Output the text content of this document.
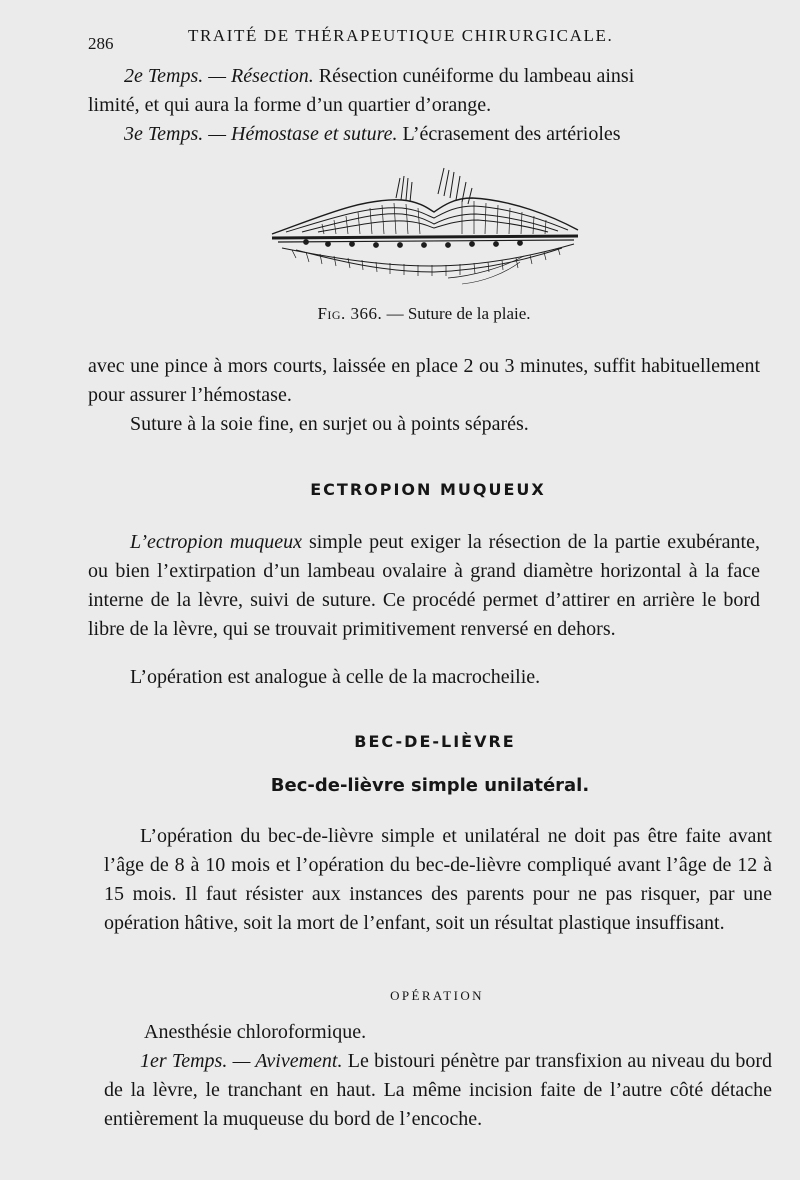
286	TRAITÉ DE THÉRAPEUTIQUE CHIRURGICALE.

2e Temps. — Résection. Résection cunéiforme du lambeau ainsi

limité, et qui aura la forme d’un quartier d’orange.

3e Temps. — Hémostase et suture. L’écrasement des artérioles

Fig. 366. — Suture de la plaie.

avec une pince à mors courts, laissée en place 2 ou 3 minutes, suffit habituellement pour assurer l’hémostase.

Suture à la soie fine, en surjet ou à points séparés.

ECTROPION MUQUEUX

L’ectropion muqueux simple peut exiger la résection de la partie exubérante, ou bien l’extirpation d’un lambeau ovalaire à grand diamètre horizontal à la face interne de la lèvre, suivi de suture. Ce procédé permet d’attirer en arrière le bord libre de la lèvre, qui se trouvait primitivement renversé en dehors.

L’opération est analogue à celle de la macrocheilie.

BEC-DE-LIÈVRE
Bec-de-lièvre simple unilatéral.

L’opération du bec-de-lièvre simple et unilatéral ne doit pas être faite avant l’âge de 8 à 10 mois et l’opération du bec-de-lièvre compliqué avant l’âge de 12 à 15 mois. Il faut résister aux instances des parents pour ne pas risquer, par une opération hâtive, soit la mort de l’enfant, soit un résultat plastique insuffisant.

OPÉRATION

Anesthésie chloroformique.

1er Temps. — Avivement. Le bistouri pénètre par transfixion au niveau du bord de la lèvre, le tranchant en haut. La même incision faite de l’autre côté détache entièrement la muqueuse du bord de l’encoche.
